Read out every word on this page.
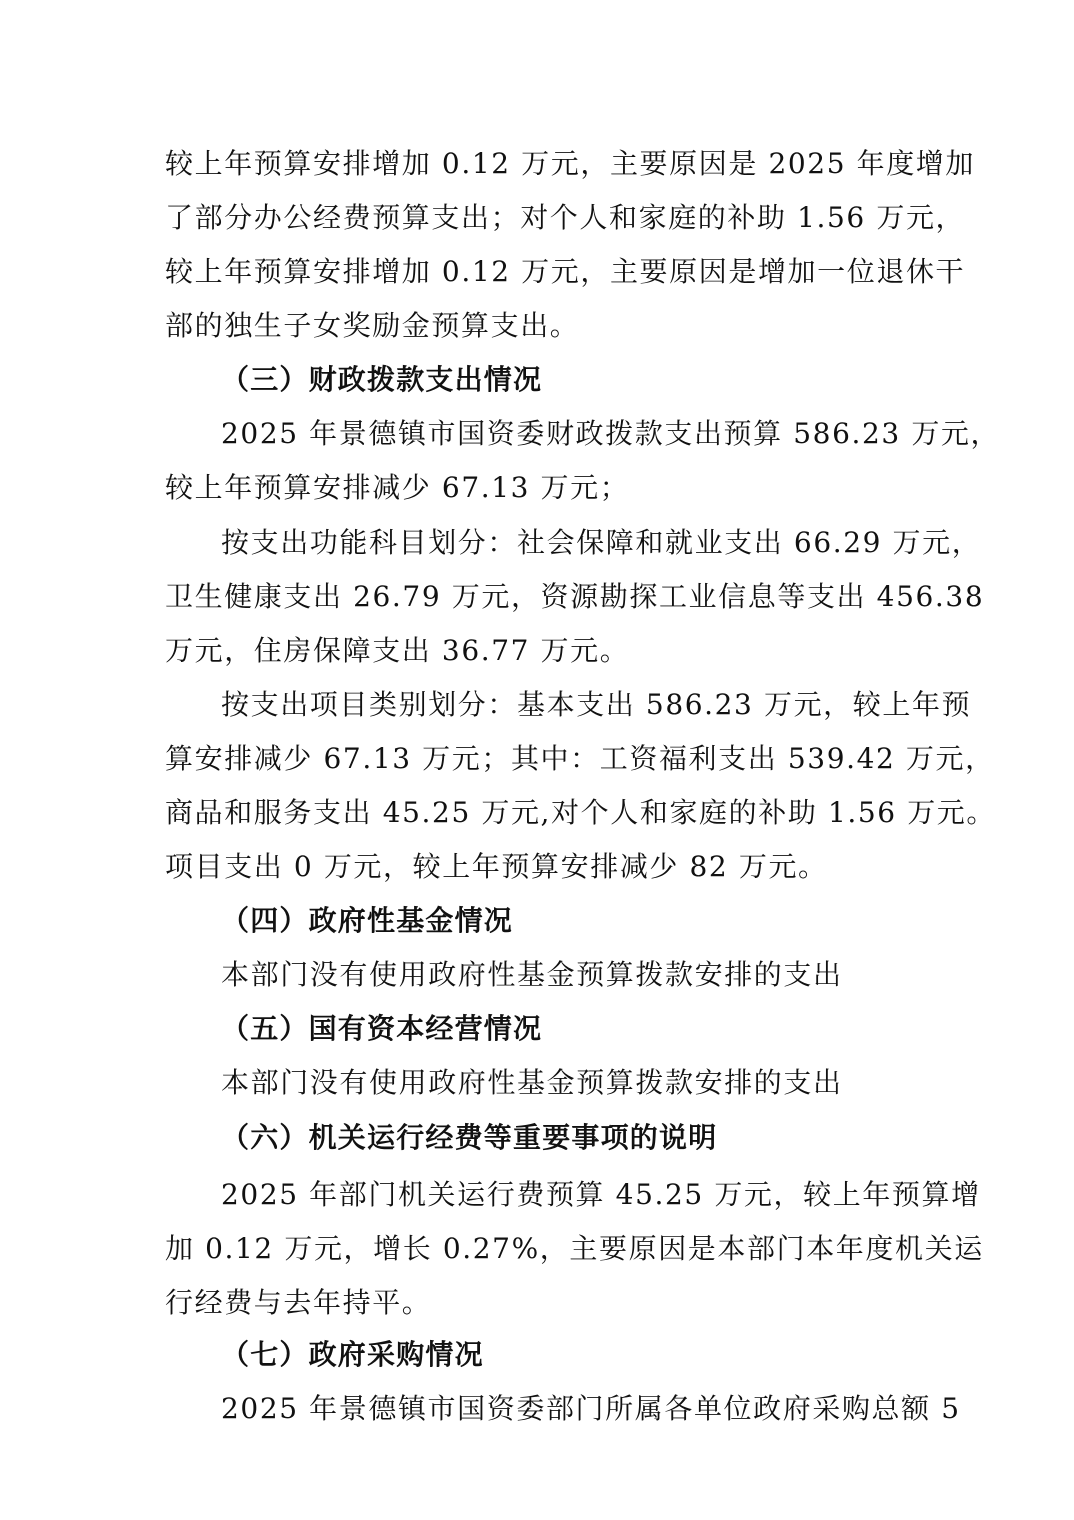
较上年预算安排增加 0.12 万元，主要原因是 2025 年度增加
了部分办公经费预算支出；对个人和家庭的补助 1.56 万元，
较上年预算安排增加 0.12 万元，主要原因是增加一位退休干
部的独生子女奖励金预算支出。
（三）财政拨款支出情况
2025 年景德镇市国资委财政拨款支出预算 586.23 万元，
较上年预算安排减少 67.13 万元；
按支出功能科目划分：社会保障和就业支出 66.29 万元，
卫生健康支出 26.79 万元，资源勘探工业信息等支出 456.38
万元，住房保障支出 36.77 万元。
按支出项目类别划分：基本支出 586.23 万元，较上年预
算安排减少 67.13 万元；其中：工资福利支出 539.42 万元，
商品和服务支出 45.25 万元,对个人和家庭的补助 1.56 万元。
项目支出 0 万元，较上年预算安排减少 82 万元。
（四）政府性基金情况
本部门没有使用政府性基金预算拨款安排的支出
（五）国有资本经营情况
本部门没有使用政府性基金预算拨款安排的支出
（六）机关运行经费等重要事项的说明
2025 年部门机关运行费预算 45.25 万元，较上年预算增
加 0.12 万元，增长 0.27%，主要原因是本部门本年度机关运
行经费与去年持平。
（七）政府采购情况
2025 年景德镇市国资委部门所属各单位政府采购总额 5
